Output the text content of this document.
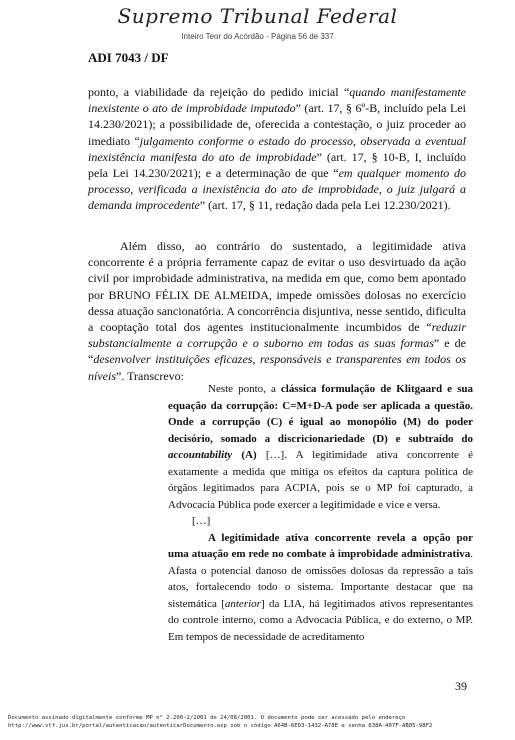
Supremo Tribunal Federal
Inteiro Teor do Acórdão - Página 56 de 337
ADI 7043 / DF
ponto, a viabilidade da rejeição do pedido inicial “quando manifestamente inexistente o ato de improbidade imputado” (art. 17, § 6º-B, incluído pela Lei 14.230/2021); a possibilidade de, oferecida a contestação, o juiz proceder ao imediato “julgamento conforme o estado do processo, observada a eventual inexistência manifesta do ato de improbidade” (art. 17, § 10-B, I, incluído pela Lei 14.230/2021); e a determinação de que “em qualquer momento do processo, verificada a inexistência do ato de improbidade, o juiz julgará a demanda improcedente” (art. 17, § 11, redação dada pela Lei 12.230/2021).
Além disso, ao contrário do sustentado, a legitimidade ativa concorrente é a própria ferramente capaz de evitar o uso desvirtuado da ação civil por improbidade administrativa, na medida em que, como bem apontado por BRUNO FÉLIX DE ALMEIDA, impede omissões dolosas no exercício dessa atuação sancionatória. A concorrência disjuntiva, nesse sentido, dificulta a cooptação total dos agentes institucionalmente incumbidos de “reduzir substancialmente a corrupção e o suborno em todas as suas formas” e de “desenvolver instituições eficazes, responsáveis e transparentes em todos os níveis”. Transcrevo:

Neste ponto, a clássica formulação de Klitgaard e sua equação da corrupção: C=M+D-A pode ser aplicada a questão. Onde a corrupção (C) é igual ao monopólio (M) do poder decisório, somado a discricionariedade (D) e subtraído do accountability (A) […]. A legitimidade ativa concorrente é exatamente a medida que mitiga os efeitos da captura política de órgãos legitimados para ACPIA, pois se o MP foi capturado, a Advocacia Pública pode exercer a legitimidade e vice e versa.

[…]

A legitimidade ativa concorrente revela a opção por uma atuação em rede no combate à improbidade administrativa. Afasta o potencial danoso de omissões dolosas da repressão a tais atos, fortalecendo todo o sistema. Importante destacar que na sistemática [anterior] da LIA, há legitimados ativos representantes do controle interno, como a Advocacia Pública, e do externo, o MP. Em tempos de necessidade de acreditamento

39
Documento assinado digitalmente conforme MP n° 2.200-2/2001 de 24/08/2001. O documento pode ser acessado pelo endereço
http://www.stf.jus.br/portal/autenticacao/autenticarDocumento.asp sob o código A64B-6ED3-1432-A78E e senha 638A-407F-AB05-98F2
